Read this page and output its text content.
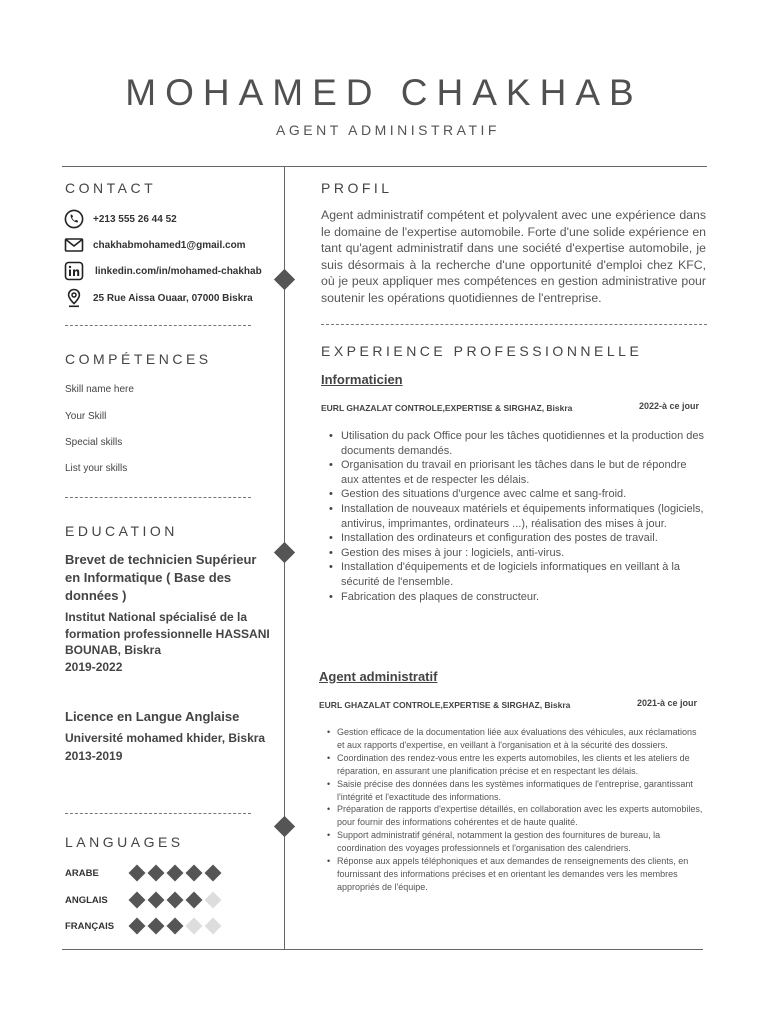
MOHAMED CHAKHAB
AGENT ADMINISTRATIF
CONTACT
+213 555 26 44 52
chakhabmohamed1@gmail.com
linkedin.com/in/mohamed-chakhab
25 Rue Aissa Ouaar, 07000 Biskra
COMPÉTENCES
Skill name here
Your Skill
Special skills
List your skills
EDUCATION
Brevet de technicien Supérieur en Informatique ( Base des données )
Institut National spécialisé de la formation professionnelle HASSANI BOUNAB, Biskra
2019-2022
Licence en Langue Anglaise
Université mohamed khider, Biskra
2013-2019
LANGUAGES
ARABE
ANGLAIS
FRANÇAIS
PROFIL
Agent administratif compétent et polyvalent avec une expérience dans le domaine de l'expertise automobile. Forte d'une solide expérience en tant qu'agent administratif dans une société d'expertise automobile, je suis désormais à la recherche d'une opportunité d'emploi chez KFC, où je peux appliquer mes compétences en gestion administrative pour soutenir les opérations quotidiennes de l'entreprise.
EXPERIENCE PROFESSIONNELLE
Informaticien
EURL GHAZALAT CONTROLE,EXPERTISE & SIRGHAZ, Biskra	2022-à ce jour
• Utilisation du pack Office pour les tâches quotidiennes et la production des documents demandés.
• Organisation du travail en priorisant les tâches dans le but de répondre aux attentes et de respecter les délais.
• Gestion des situations d'urgence avec calme et sang-froid.
• Installation de nouveaux matériels et équipements informatiques (logiciels, antivirus, imprimantes, ordinateurs ...), réalisation des mises à jour.
• Installation des ordinateurs et configuration des postes de travail.
• Gestion des mises à jour : logiciels, anti-virus.
• Installation d'équipements et de logiciels informatiques en veillant à la sécurité de l'ensemble.
• Fabrication des plaques de constructeur.
Agent administratif
EURL GHAZALAT CONTROLE,EXPERTISE & SIRGHAZ, Biskra	2021-à ce jour
• Gestion efficace de la documentation liée aux évaluations des véhicules, aux réclamations et aux rapports d'expertise, en veillant à l'organisation et à la sécurité des dossiers.
• Coordination des rendez-vous entre les experts automobiles, les clients et les ateliers de réparation, en assurant une planification précise et en respectant les délais.
• Saisie précise des données dans les systèmes informatiques de l'entreprise, garantissant l'intégrité et l'exactitude des informations.
• Préparation de rapports d'expertise détaillés, en collaboration avec les experts automobiles, pour fournir des informations cohérentes et de haute qualité.
• Support administratif général, notamment la gestion des fournitures de bureau, la coordination des voyages professionnels et l'organisation des calendriers.
• Réponse aux appels téléphoniques et aux demandes de renseignements des clients, en fournissant des informations précises et en orientant les demandes vers les membres appropriés de l'équipe.
